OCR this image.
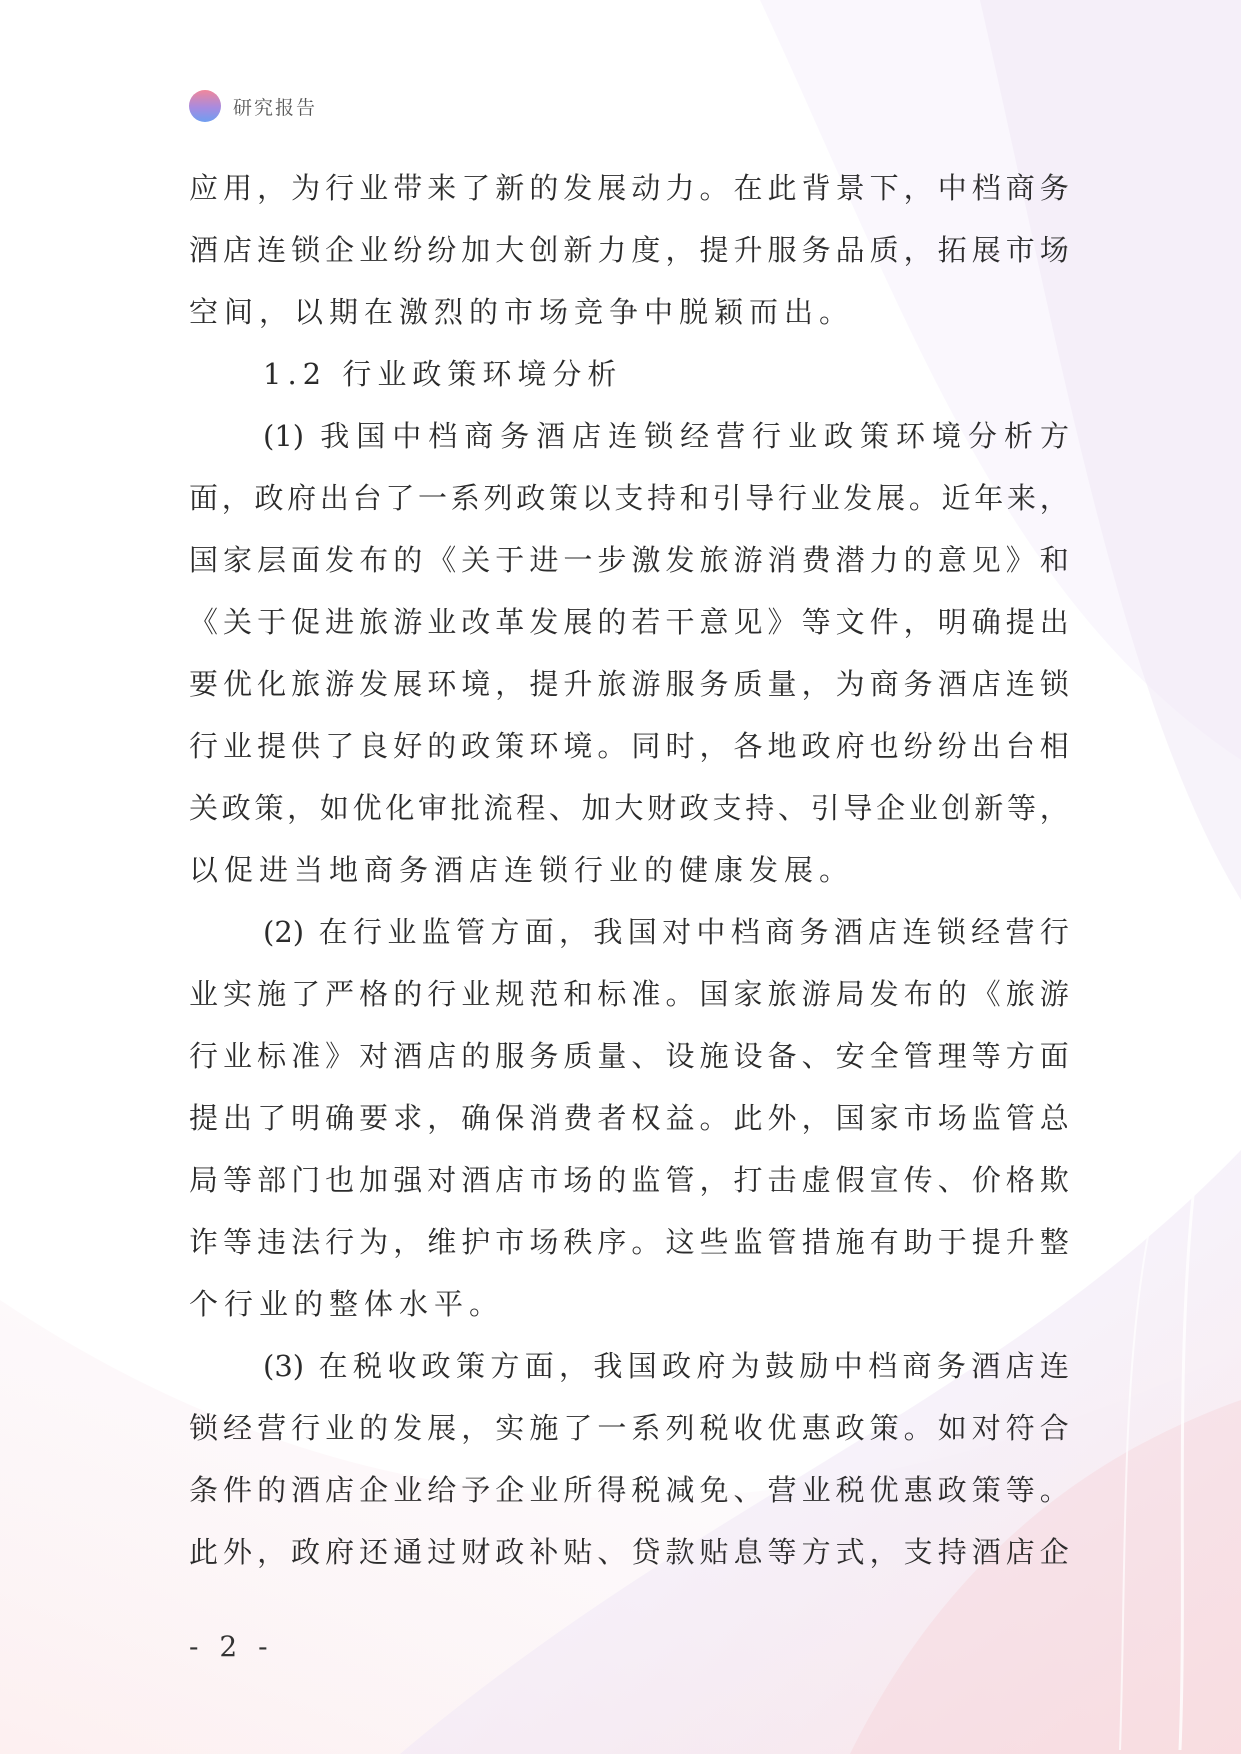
研究报告
应 用 ， 为 行 业 带 来 了 新 的 发 展 动 力 。 在 此 背 景 下 ， 中 档 商 务
酒 店 连 锁 企 业 纷 纷 加 大 创 新 力 度 ， 提 升 服 务 品 质 ， 拓 展 市 场
空间，以期在激烈的市场竞争中脱颖而出。
1.2 行业政策环境分析
(1) 我 国 中 档 商 务 酒 店 连 锁 经 营 行 业 政 策 环 境 分 析 方
面 ， 政 府 出 台 了 一 系 列 政 策 以 支 持 和 引 导 行 业 发 展 。 近 年 来 ，
国 家 层 面 发 布 的 《 关 于 进 一 步 激 发 旅 游 消 费 潜 力 的 意 见 》 和
《 关 于 促 进 旅 游 业 改 革 发 展 的 若 干 意 见 》 等 文 件 ， 明 确 提 出
要 优 化 旅 游 发 展 环 境 ， 提 升 旅 游 服 务 质 量 ， 为 商 务 酒 店 连 锁
行 业 提 供 了 良 好 的 政 策 环 境 。 同 时 ， 各 地 政 府 也 纷 纷 出 台 相
关 政 策 ， 如 优 化 审 批 流 程 、 加 大 财 政 支 持 、 引 导 企 业 创 新 等 ，
以促进当地商务酒店连锁行业的健康发展。
(2) 在 行 业 监 管 方 面 ， 我 国 对 中 档 商 务 酒 店 连 锁 经 营 行
业 实 施 了 严 格 的 行 业 规 范 和 标 准 。 国 家 旅 游 局 发 布 的 《 旅 游
行 业 标 准 》 对 酒 店 的 服 务 质 量 、 设 施 设 备 、 安 全 管 理 等 方 面
提 出 了 明 确 要 求 ， 确 保 消 费 者 权 益 。 此 外 ， 国 家 市 场 监 管 总
局 等 部 门 也 加 强 对 酒 店 市 场 的 监 管 ， 打 击 虚 假 宣 传 、 价 格 欺
诈 等 违 法 行 为 ， 维 护 市 场 秩 序 。 这 些 监 管 措 施 有 助 于 提 升 整
个行业的整体水平。
(3) 在 税 收 政 策 方 面 ， 我 国 政 府 为 鼓 励 中 档 商 务 酒 店 连
锁 经 营 行 业 的 发 展 ， 实 施 了 一 系 列 税 收 优 惠 政 策 。 如 对 符 合
条 件 的 酒 店 企 业 给 予 企 业 所 得 税 减 免 、 营 业 税 优 惠 政 策 等 。
此 外 ， 政 府 还 通 过 财 政 补 贴 、 贷 款 贴 息 等 方 式 ， 支 持 酒 店 企
- 2 -
